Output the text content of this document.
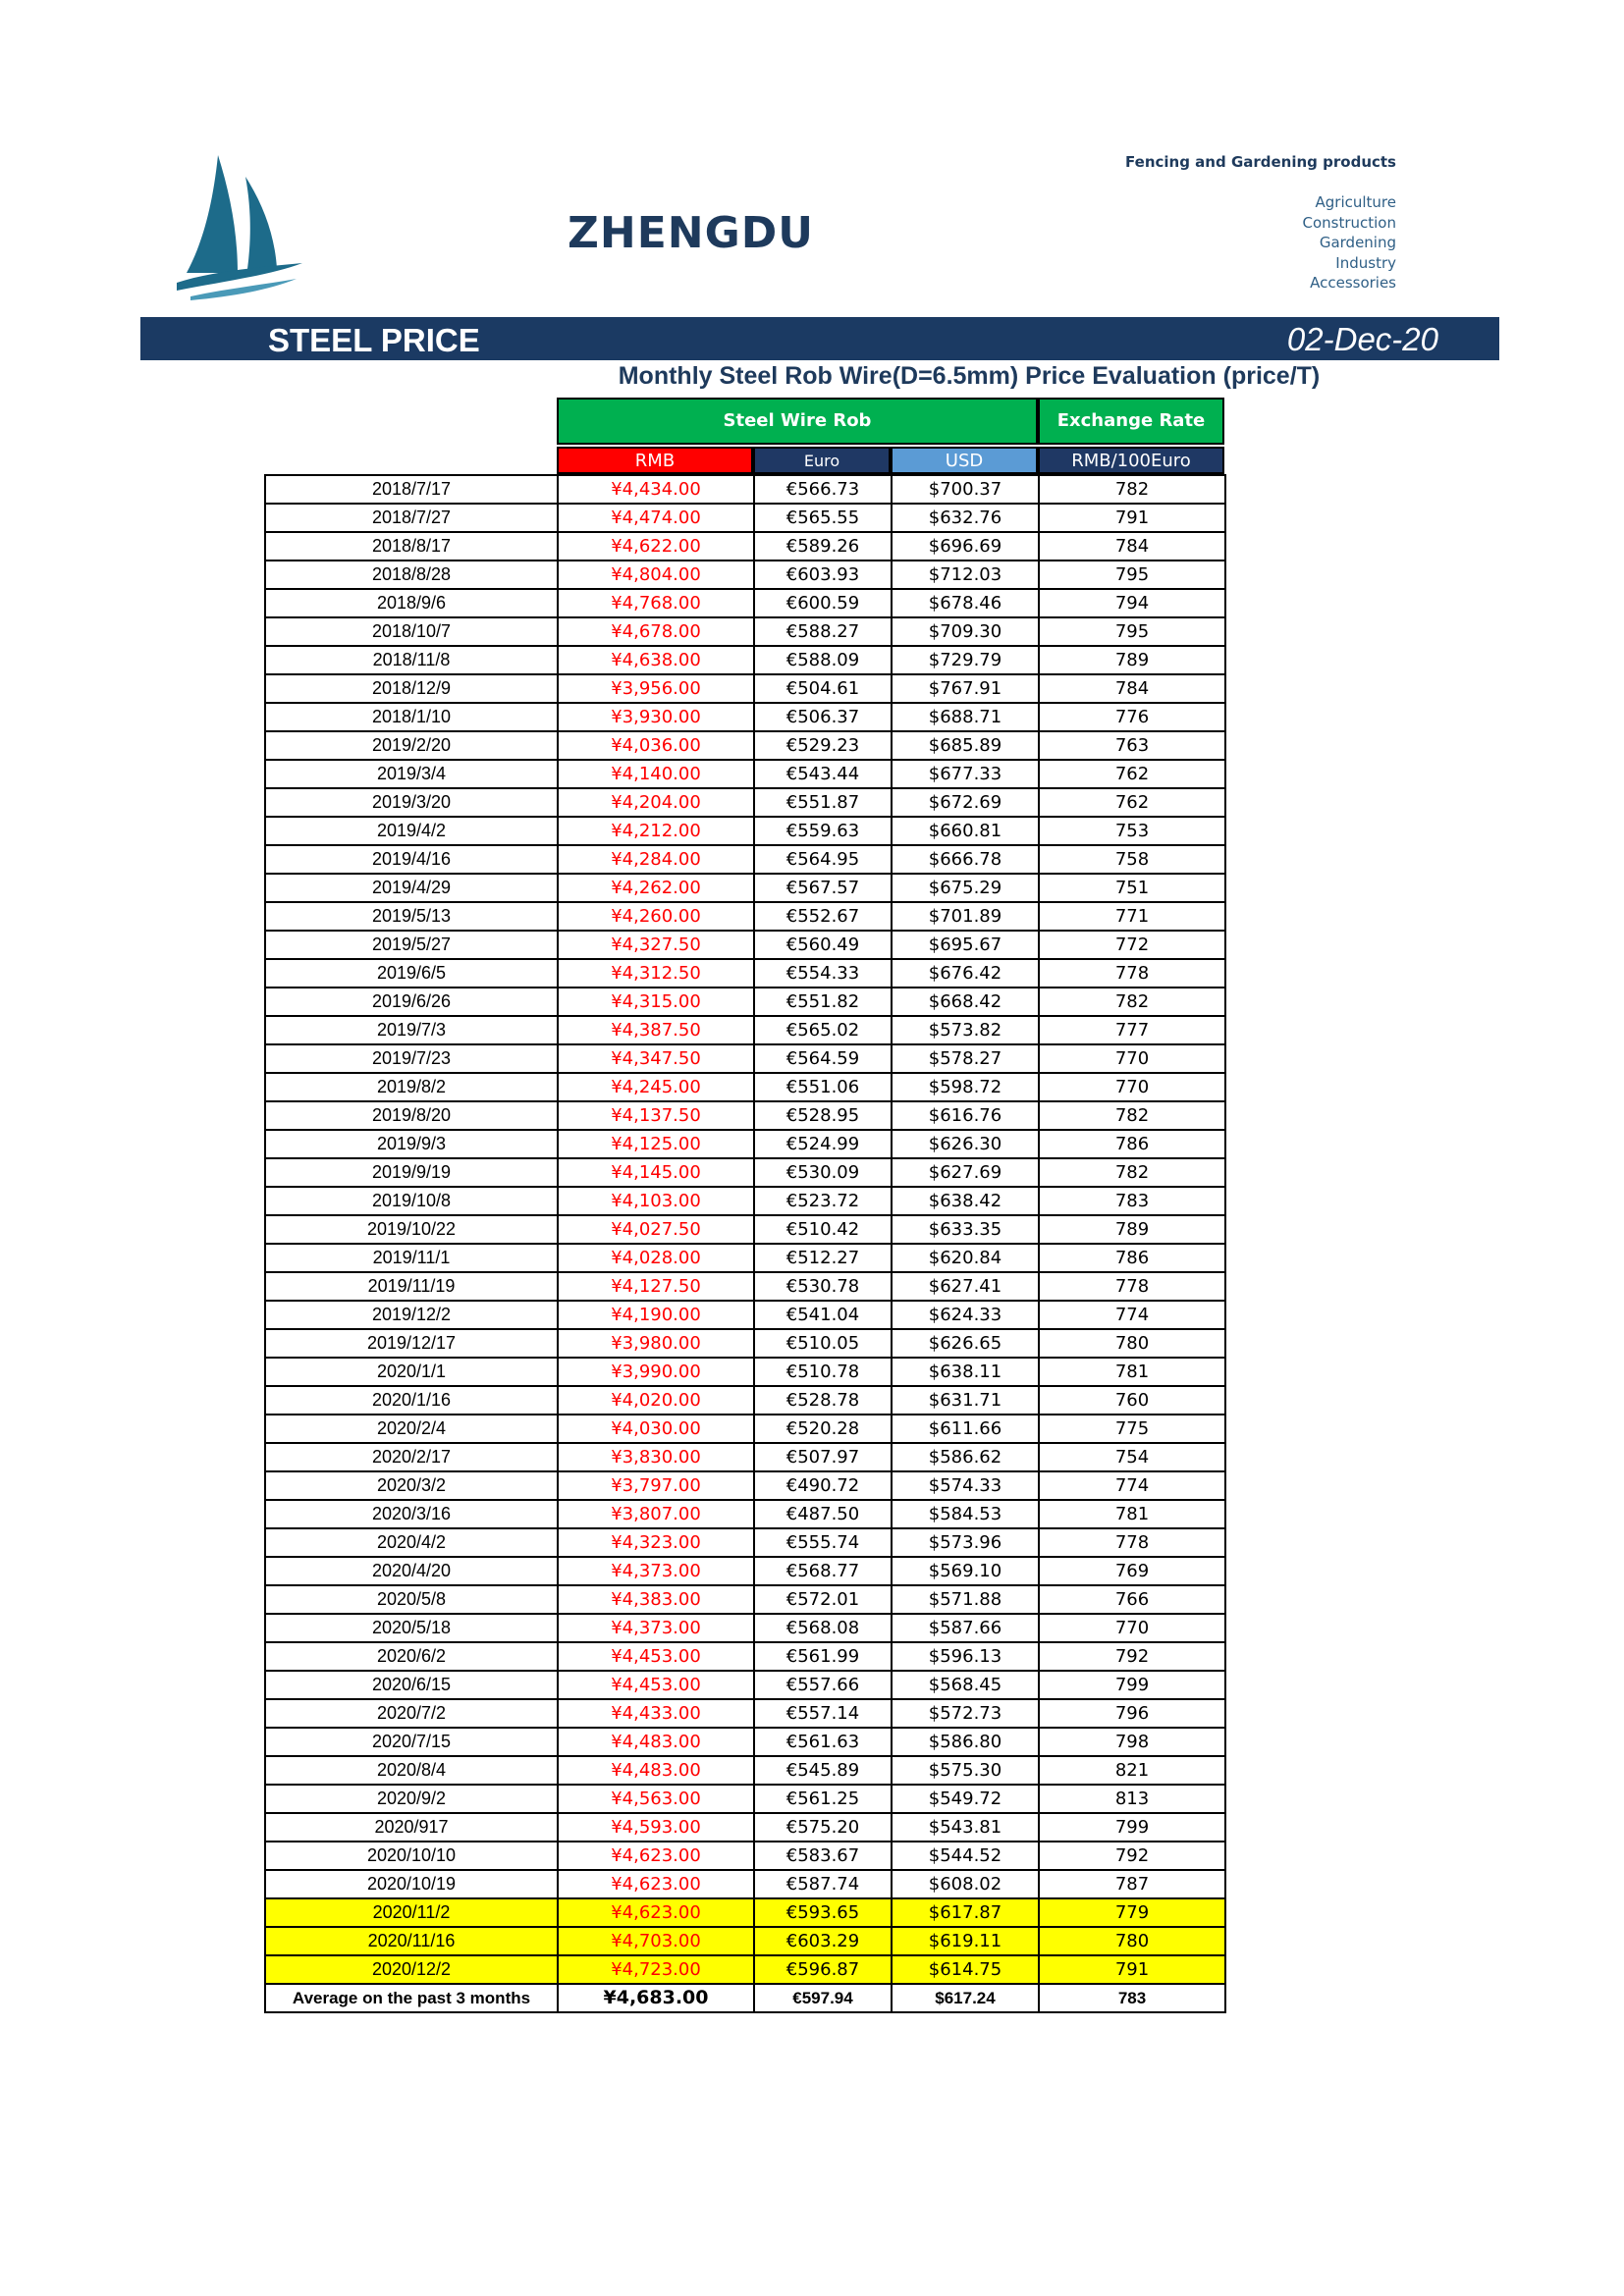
ZHENGDU
Fencing and Gardening products
Agriculture
Construction
Gardening
Industry
Accessories
STEEL PRICE	02-Dec-20
Monthly Steel Rob Wire(D=6.5mm) Price Evaluation (price/T)
Steel Wire Rob	Exchange Rate
RMB	Euro	USD	RMB/100Euro
2018/7/17	¥4,434.00	€566.73	$700.37	782
2018/7/27	¥4,474.00	€565.55	$632.76	791
2018/8/17	¥4,622.00	€589.26	$696.69	784
2018/8/28	¥4,804.00	€603.93	$712.03	795
2018/9/6	¥4,768.00	€600.59	$678.46	794
2018/10/7	¥4,678.00	€588.27	$709.30	795
2018/11/8	¥4,638.00	€588.09	$729.79	789
2018/12/9	¥3,956.00	€504.61	$767.91	784
2018/1/10	¥3,930.00	€506.37	$688.71	776
2019/2/20	¥4,036.00	€529.23	$685.89	763
2019/3/4	¥4,140.00	€543.44	$677.33	762
2019/3/20	¥4,204.00	€551.87	$672.69	762
2019/4/2	¥4,212.00	€559.63	$660.81	753
2019/4/16	¥4,284.00	€564.95	$666.78	758
2019/4/29	¥4,262.00	€567.57	$675.29	751
2019/5/13	¥4,260.00	€552.67	$701.89	771
2019/5/27	¥4,327.50	€560.49	$695.67	772
2019/6/5	¥4,312.50	€554.33	$676.42	778
2019/6/26	¥4,315.00	€551.82	$668.42	782
2019/7/3	¥4,387.50	€565.02	$573.82	777
2019/7/23	¥4,347.50	€564.59	$578.27	770
2019/8/2	¥4,245.00	€551.06	$598.72	770
2019/8/20	¥4,137.50	€528.95	$616.76	782
2019/9/3	¥4,125.00	€524.99	$626.30	786
2019/9/19	¥4,145.00	€530.09	$627.69	782
2019/10/8	¥4,103.00	€523.72	$638.42	783
2019/10/22	¥4,027.50	€510.42	$633.35	789
2019/11/1	¥4,028.00	€512.27	$620.84	786
2019/11/19	¥4,127.50	€530.78	$627.41	778
2019/12/2	¥4,190.00	€541.04	$624.33	774
2019/12/17	¥3,980.00	€510.05	$626.65	780
2020/1/1	¥3,990.00	€510.78	$638.11	781
2020/1/16	¥4,020.00	€528.78	$631.71	760
2020/2/4	¥4,030.00	€520.28	$611.66	775
2020/2/17	¥3,830.00	€507.97	$586.62	754
2020/3/2	¥3,797.00	€490.72	$574.33	774
2020/3/16	¥3,807.00	€487.50	$584.53	781
2020/4/2	¥4,323.00	€555.74	$573.96	778
2020/4/20	¥4,373.00	€568.77	$569.10	769
2020/5/8	¥4,383.00	€572.01	$571.88	766
2020/5/18	¥4,373.00	€568.08	$587.66	770
2020/6/2	¥4,453.00	€561.99	$596.13	792
2020/6/15	¥4,453.00	€557.66	$568.45	799
2020/7/2	¥4,433.00	€557.14	$572.73	796
2020/7/15	¥4,483.00	€561.63	$586.80	798
2020/8/4	¥4,483.00	€545.89	$575.30	821
2020/9/2	¥4,563.00	€561.25	$549.72	813
2020/917	¥4,593.00	€575.20	$543.81	799
2020/10/10	¥4,623.00	€583.67	$544.52	792
2020/10/19	¥4,623.00	€587.74	$608.02	787
2020/11/2	¥4,623.00	€593.65	$617.87	779
2020/11/16	¥4,703.00	€603.29	$619.11	780
2020/12/2	¥4,723.00	€596.87	$614.75	791
Average on the past 3 months	¥4,683.00	€597.94	$617.24	783
